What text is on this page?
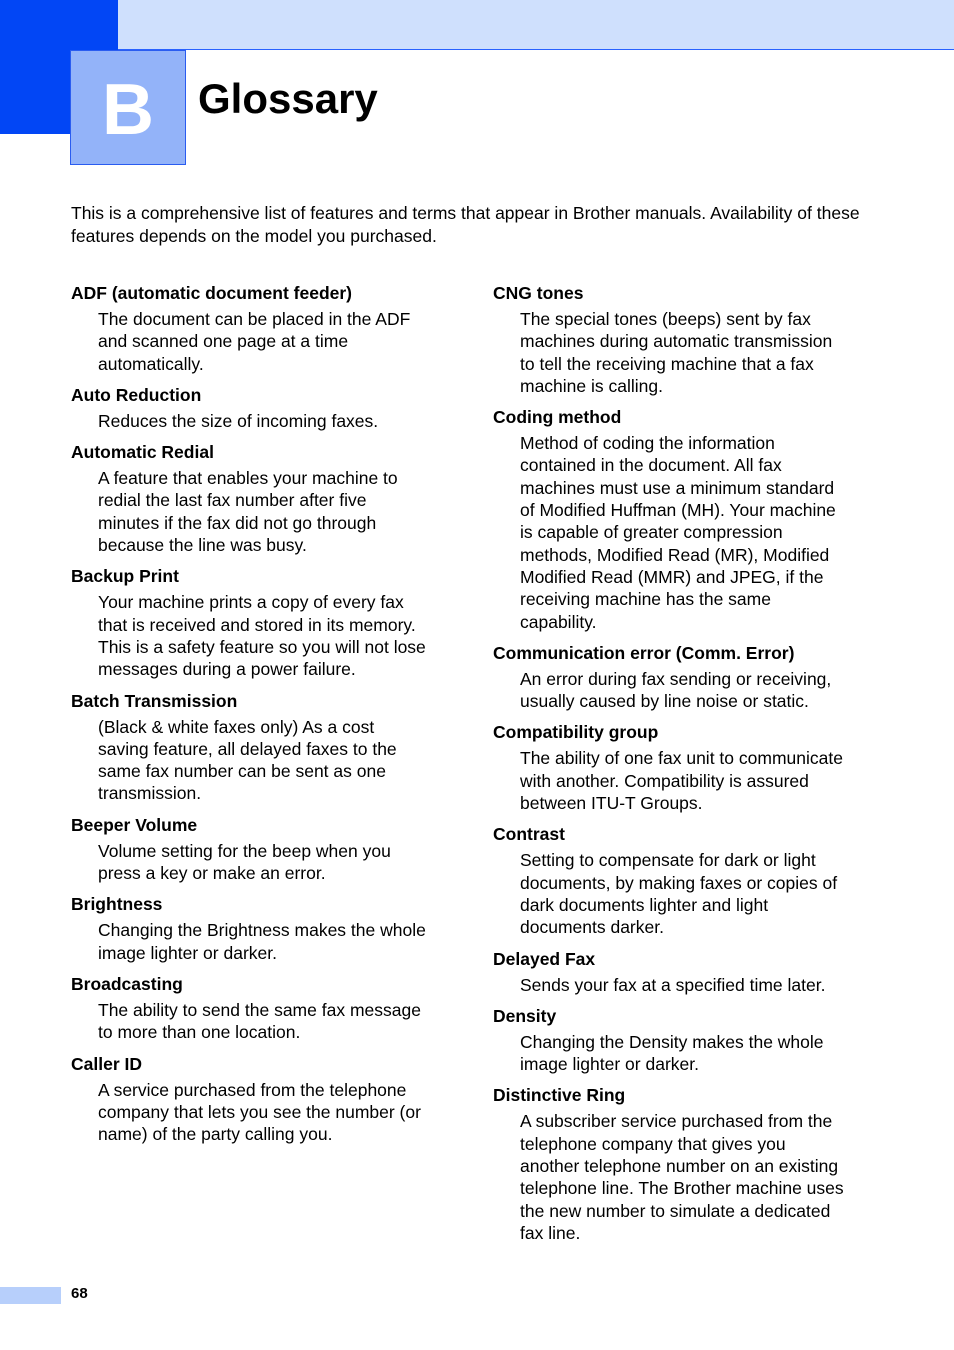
B Glossary

This is a comprehensive list of features and terms that appear in Brother manuals. Availability of these features depends on the model you purchased.

ADF (automatic document feeder)
The document can be placed in the ADF
and scanned one page at a time
automatically.
Auto Reduction
Reduces the size of incoming faxes.
Automatic Redial
A feature that enables your machine to
redial the last fax number after five
minutes if the fax did not go through
because the line was busy.
Backup Print
Your machine prints a copy of every fax
that is received and stored in its memory.
This is a safety feature so you will not lose
messages during a power failure.
Batch Transmission
(Black & white faxes only) As a cost
saving feature, all delayed faxes to the
same fax number can be sent as one
transmission.
Beeper Volume
Volume setting for the beep when you
press a key or make an error.
Brightness
Changing the Brightness makes the whole
image lighter or darker.
Broadcasting
The ability to send the same fax message
to more than one location.
Caller ID
A service purchased from the telephone
company that lets you see the number (or
name) of the party calling you.
CNG tones
The special tones (beeps) sent by fax
machines during automatic transmission
to tell the receiving machine that a fax
machine is calling.
Coding method
Method of coding the information
contained in the document. All fax
machines must use a minimum standard
of Modified Huffman (MH). Your machine
is capable of greater compression
methods, Modified Read (MR), Modified
Modified Read (MMR) and JPEG, if the
receiving machine has the same
capability.
Communication error (Comm. Error)
An error during fax sending or receiving,
usually caused by line noise or static.
Compatibility group
The ability of one fax unit to communicate
with another. Compatibility is assured
between ITU-T Groups.
Contrast
Setting to compensate for dark or light
documents, by making faxes or copies of
dark documents lighter and light
documents darker.
Delayed Fax
Sends your fax at a specified time later.
Density
Changing the Density makes the whole
image lighter or darker.
Distinctive Ring
A subscriber service purchased from the
telephone company that gives you
another telephone number on an existing
telephone line. The Brother machine uses
the new number to simulate a dedicated
fax line.
68
